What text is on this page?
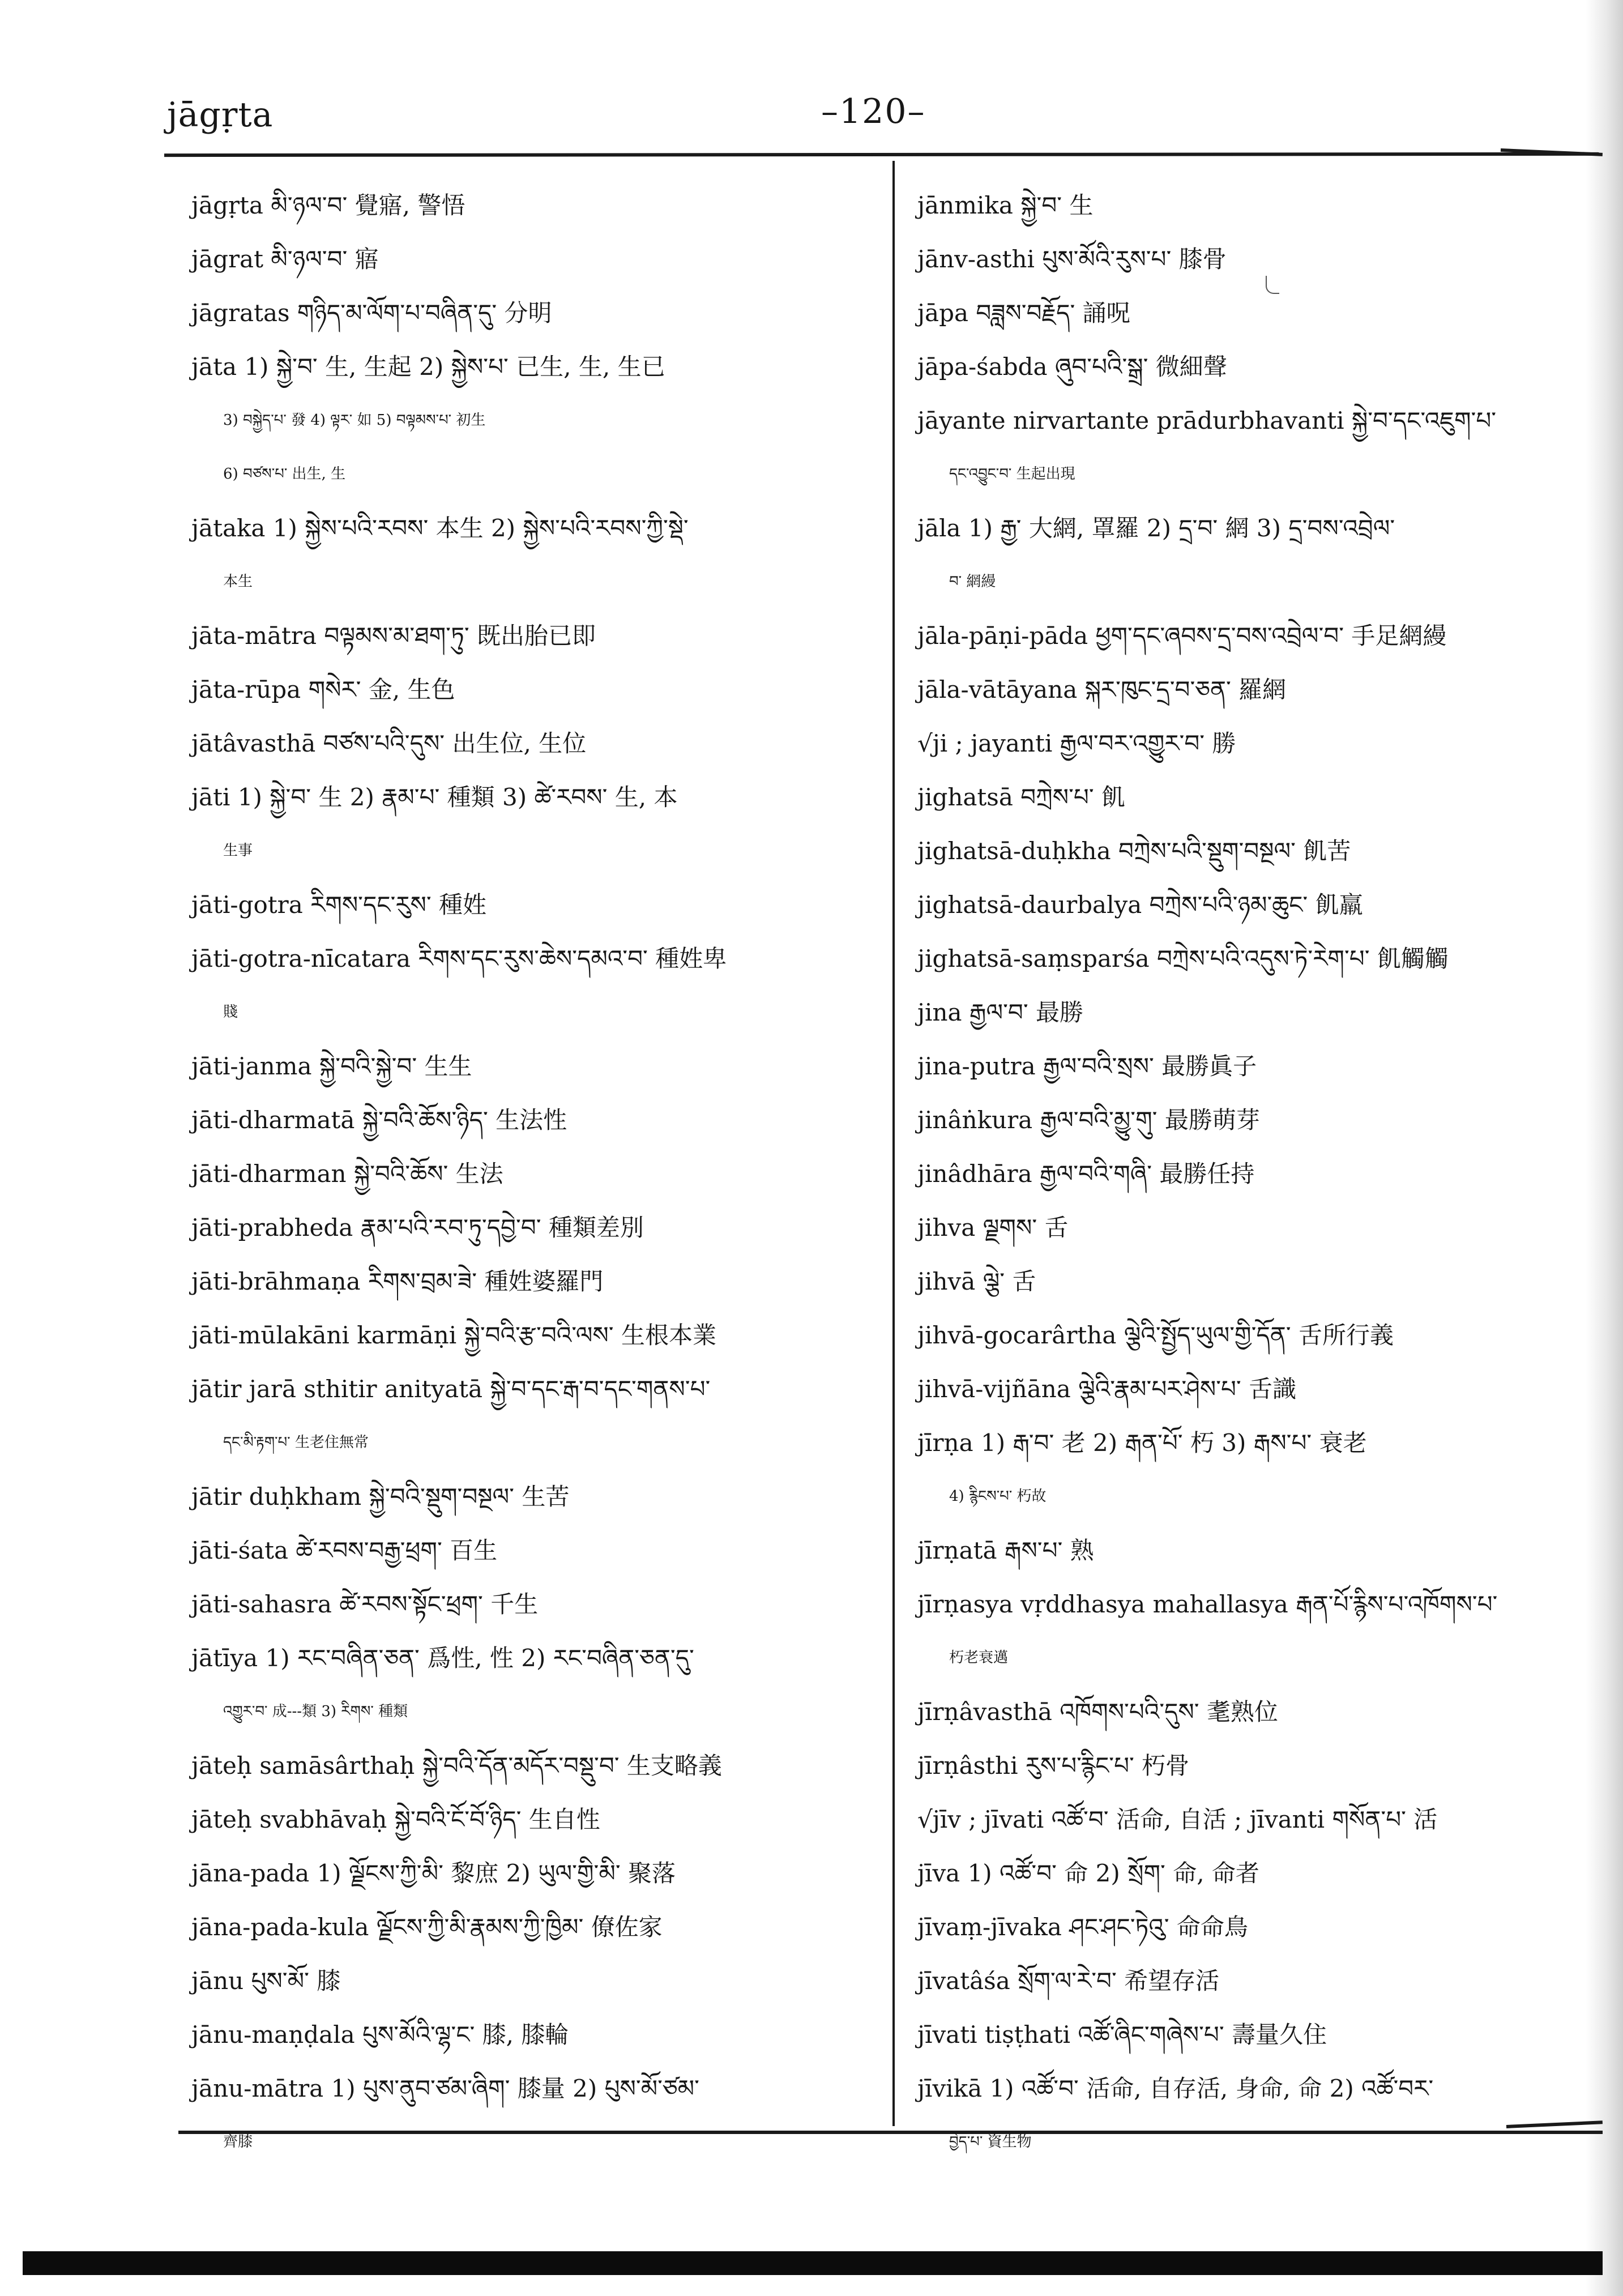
jāgṛta	–120–
jāgṛta མི་ཉལ་བ་ 覺寤, 警悟
jāgrat མི་ཉལ་བ་ 寤
jāgratas གཉིད་མ་ལོག་པ་བཞིན་དུ་ 分明
jāta 1) སྐྱེ་བ་ 生, 生起 2) སྐྱེས་པ་ 已生, 生, 生已
3) བསྐྱེད་པ་ 發 4) ལྟར་ 如 5) བལྟམས་པ་ 初生
6) བཙས་པ་ 出生, 生
jātaka 1) སྐྱེས་པའི་རབས་ 本生 2) སྐྱེས་པའི་རབས་ཀྱི་སྡེ་
本生
jāta-mātra བལྟམས་མ་ཐག་ཏུ་ 既出胎已即
jāta-rūpa གསེར་ 金, 生色
jātâvasthā བཙས་པའི་དུས་ 出生位, 生位
jāti 1) སྐྱེ་བ་ 生 2) རྣམ་པ་ 種類 3) ཚེ་རབས་ 生, 本
生事
jāti-gotra རིགས་དང་རུས་ 種姓
jāti-gotra-nīcatara རིགས་དང་རུས་ཆེས་དམའ་བ་ 種姓卑
賤
jāti-janma སྐྱེ་བའི་སྐྱེ་བ་ 生生
jāti-dharmatā སྐྱེ་བའི་ཆོས་ཉིད་ 生法性
jāti-dharman སྐྱེ་བའི་ཆོས་ 生法
jāti-prabheda རྣམ་པའི་རབ་ཏུ་དབྱེ་བ་ 種類差別
jāti-brāhmaṇa རིགས་བྲམ་ཟེ་ 種姓婆羅門
jāti-mūlakāni karmāṇi སྐྱེ་བའི་རྩ་བའི་ལས་ 生根本業
jātir jarā sthitir anityatā སྐྱེ་བ་དང་རྒ་བ་དང་གནས་པ་
དང་མི་རྟག་པ་ 生老住無常
jātir duḥkham སྐྱེ་བའི་སྡུག་བསྔལ་ 生苦
jāti-śata ཚེ་རབས་བརྒྱ་ཕྲག་ 百生
jāti-sahasra ཚེ་རབས་སྟོང་ཕྲག་ 千生
jātīya 1) རང་བཞིན་ཅན་ 爲性, 性 2) རང་བཞིན་ཅན་དུ་
འགྱུར་བ་ 成---類 3) རིགས་ 種類
jāteḥ samāsârthaḥ སྐྱེ་བའི་དོན་མདོར་བསྡུ་བ་ 生支略義
jāteḥ svabhāvaḥ སྐྱེ་བའི་ངོ་བོ་ཉིད་ 生自性
jāna-pada 1) ལྗོངས་ཀྱི་མི་ 黎庶 2) ཡུལ་གྱི་མི་ 聚落
jāna-pada-kula ལྗོངས་ཀྱི་མི་རྣམས་ཀྱི་ཁྱིམ་ 僚佐家
jānu པུས་མོ་ 膝
jānu-maṇḍala པུས་མོའི་ལྷ་ང་ 膝, 膝輪
jānu-mātra 1) པུས་ནུབ་ཙམ་ཞིག་ 膝量 2) པུས་མོ་ཙམ་
齊膝
jānmika སྐྱེ་བ་ 生
jānv-asthi པུས་མོའི་རུས་པ་ 膝骨
jāpa བཟླས་བརྗོད་ 誦呪
jāpa-śabda ཞུབ་པའི་སྒྲ་ 微細聲
jāyante nirvartante prādurbhavanti སྐྱེ་བ་དང་འཇུག་པ་
དང་འབྱུང་བ་ 生起出現
jāla 1) རྒྱ་ 大網, 罩羅 2) དྲ་བ་ 網 3) དྲ་བས་འབྲེལ་
བ་ 網縵
jāla-pāṇi-pāda ཕྱག་དང་ཞབས་དྲ་བས་འབྲེལ་བ་ 手足網縵
jāla-vātāyana སྐར་ཁུང་དྲ་བ་ཅན་ 羅網
√ji ; jayanti རྒྱལ་བར་འགྱུར་བ་ 勝
jighatsā བཀྲེས་པ་ 飢
jighatsā-duḥkha བཀྲེས་པའི་སྡུག་བསྔལ་ 飢苦
jighatsā-daurbalya བཀྲེས་པའི་ཉམ་ཆུང་ 飢羸
jighatsā-saṃsparśa བཀྲེས་པའི་འདུས་ཏེ་རེག་པ་ 飢觸觸
jina རྒྱལ་བ་ 最勝
jina-putra རྒྱལ་བའི་སྲས་ 最勝眞子
jinâṅkura རྒྱལ་བའི་མྱུ་གུ་ 最勝萌芽
jinâdhāra རྒྱལ་བའི་གཞི་ 最勝任持
jihva ལྗགས་ 舌
jihvā ལྕེ་ 舌
jihvā-gocarârtha ལྕེའི་སྤྱོད་ཡུལ་གྱི་དོན་ 舌所行義
jihvā-vijñāna ལྕེའི་རྣམ་པར་ཤེས་པ་ 舌識
jīrṇa 1) རྒ་བ་ 老 2) རྒན་པོ་ 朽 3) རྒས་པ་ 衰老
4) རྙིངས་པ་ 朽故
jīrṇatā རྒས་པ་ 熟
jīrṇasya vṛddhasya mahallasya རྒན་པོ་རྙིས་པ་འཁོགས་པ་
朽老衰邁
jīrṇâvasthā འཁོགས་པའི་དུས་ 耄熟位
jīrṇâsthi རུས་པ་རྙིང་པ་ 朽骨
√jīv ; jīvati འཚོ་བ་ 活命, 自活 ; jīvanti གསོན་པ་ 活
jīva 1) འཚོ་བ་ 命 2) སྲོག་ 命, 命者
jīvaṃ-jīvaka ཤང་ཤང་ཏེའུ་ 命命鳥
jīvatâśa སྲོག་ལ་རེ་བ་ 希望存活
jīvati tiṣṭhati འཚོ་ཞིང་གཞེས་པ་ 壽量久住
jīvikā 1) འཚོ་བ་ 活命, 自存活, 身命, 命 2) འཚོ་བར་
བྱེད་པ་ 資生物
